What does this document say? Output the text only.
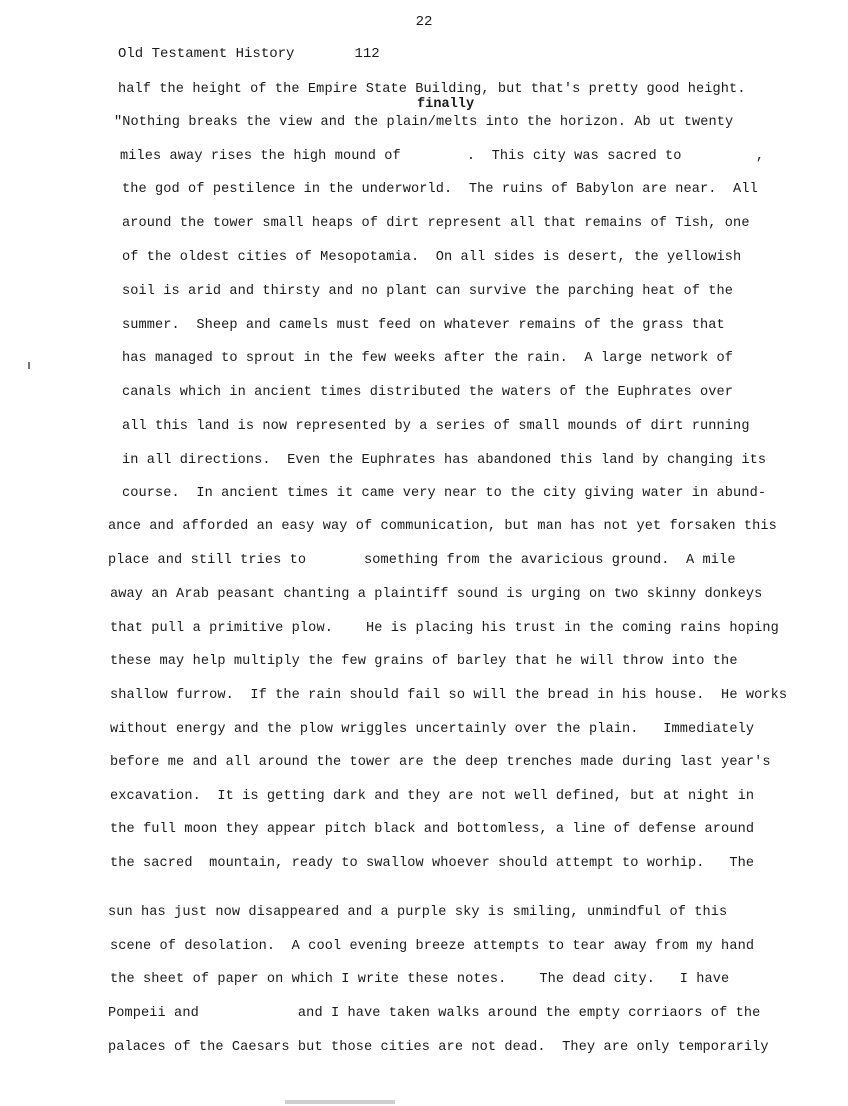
22
Old Testament History	112
finally
half the height of the Empire State Building, but that's pretty good height.
"Nothing breaks the view and the plain/melts into the horizon. Ab ut twenty
miles away rises the high mound of        .  This city was sacred to         ,
the god of pestilence in the underworld.  The ruins of Babylon are near.  All
around the tower small heaps of dirt represent all that remains of Tish, one
of the oldest cities of Mesopotamia.  On all sides is desert, the yellowish
soil is arid and thirsty and no plant can survive the parching heat of the
summer.  Sheep and camels must feed on whatever remains of the grass that
has managed to sprout in the few weeks after the rain.  A large network of
canals which in ancient times distributed the waters of the Euphrates over
all this land is now represented by a series of small mounds of dirt running
in all directions.  Even the Euphrates has abandoned this land by changing its
course.  In ancient times it came very near to the city giving water in abund-
ance and afforded an easy way of communication, but man has not yet forsaken this
place and still tries to       something from the avaricious ground.  A mile
away an Arab peasant chanting a plaintiff sound is urging on two skinny donkeys
that pull a primitive plow.    He is placing his trust in the coming rains hoping
these may help multiply the few grains of barley that he will throw into the
shallow furrow.  If the rain should fail so will the bread in his house.  He works
without energy and the plow wriggles uncertainly over the plain.   Immediately
before me and all around the tower are the deep trenches made during last year's
excavation.  It is getting dark and they are not well defined, but at night in
the full moon they appear pitch black and bottomless, a line of defense around
the sacred  mountain, ready to swallow whoever should attempt to worhip.   The
sun has just now disappeared and a purple sky is smiling, unmindful of this
scene of desolation.  A cool evening breeze attempts to tear away from my hand
the sheet of paper on which I write these notes.    The dead city.   I have
Pompeii and            and I have taken walks around the empty corriaors of the
palaces of the Caesars but those cities are not dead.  They are only temporarily
